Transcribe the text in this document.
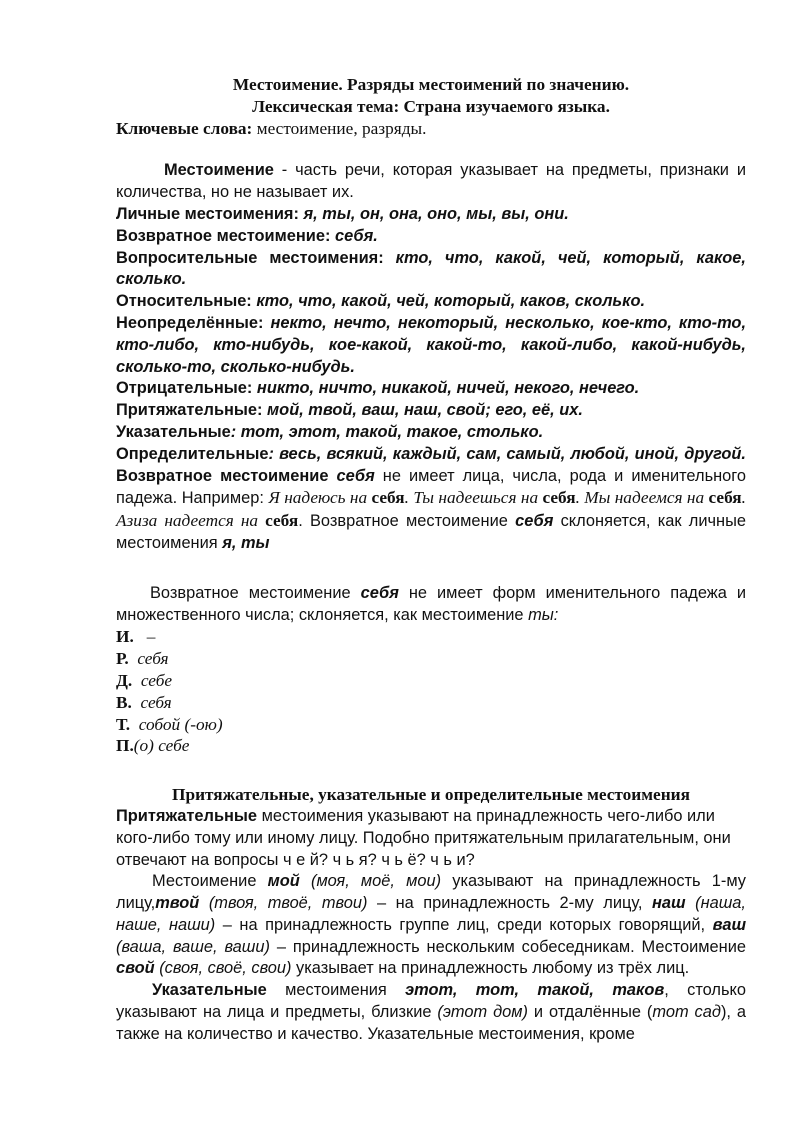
Местоимение. Разряды местоимений по значению.

Лексическая тема: Страна изучаемого языка.

Ключевые слова: местоимение, разряды.

Местоимение - часть речи, которая указывает на предметы, признаки и количества, но не называет их.

Личные местоимения: я, ты, он, она, оно, мы, вы, они.

Возвратное местоимение: себя.

Вопросительные местоимения: кто, что, какой, чей, который, какое, сколько.

Относительные: кто, что, какой, чей, который, каков, сколько.

Неопределённые: некто, нечто, некоторый, несколько, кое-кто, кто-то, кто-либо, кто-нибудь, кое-какой, какой-то, какой-либо, какой-нибудь, сколько-то, сколько-нибудь.

Отрицательные: никто, ничто, никакой, ничей, некого, нечего.

Притяжательные: мой, твой, ваш, наш, свой; его, её, их.

Указательные: тот, этот, такой, такое, столько.

Определительные: весь, всякий, каждый, сам, самый, любой, иной, другой. Возвратное местоимение себя не имеет лица, числа, рода и именительного падежа. Например: Я надеюсь на себя. Ты надеешься на себя. Мы надеемся на себя. Азиза надеется на себя. Возвратное местоимение себя склоняется, как личные местоимения я, ты

Возвратное местоимение себя не имеет форм именительного падежа и множественного числа; склоняется, как местоимение ты:

И. –
Р. себя
Д. себе
В. себя
Т. собой (-ою)
П.(о) себе

Притяжательные, указательные и определительные местоимения

Притяжательные местоимения указывают на принадлежность чего-либо или кого-либо тому или иному лицу. Подобно притяжательным прилагательным, они отвечают на вопросы ч е й? ч ь я? ч ь ё? ч ь и?

Местоимение мой (моя, моё, мои) указывают на принадлежность 1-му лицу,твой (твоя, твоё, твои) – на принадлежность 2-му лицу, наш (наша, наше, наши) – на принадлежность группе лиц, среди которых говорящий, ваш (ваша, ваше, ваши) – принадлежность нескольким собеседникам. Местоимение свой (своя, своё, свои) указывает на принадлежность любому из трёх лиц.

Указательные местоимения этот, тот, такой, таков, столько указывают на лица и предметы, близкие (этот дом) и отдалённые (тот сад), а также на количество и качество. Указательные местоимения, кроме
